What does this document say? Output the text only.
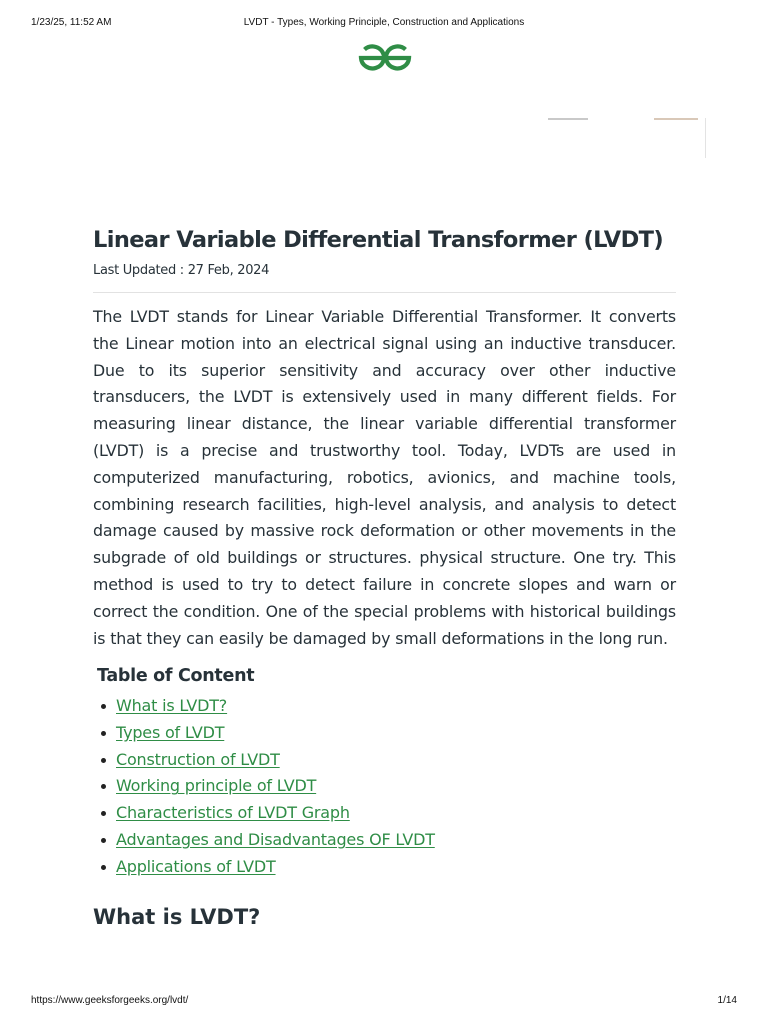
1/23/25, 11:52 AM	LVDT - Types, Working Principle, Construction and Applications
Linear Variable Differential Transformer (LVDT)
Last Updated : 27 Feb, 2024

The LVDT stands for Linear Variable Differential Transformer. It converts the Linear motion into an electrical signal using an inductive transducer. Due to its superior sensitivity and accuracy over other inductive transducers, the LVDT is extensively used in many different fields. For measuring linear distance, the linear variable differential transformer (LVDT) is a precise and trustworthy tool. Today, LVDTs are used in computerized manufacturing, robotics, avionics, and machine tools, combining research facilities, high-level analysis, and analysis to detect damage caused by massive rock deformation or other movements in the subgrade of old buildings or structures. physical structure. One try. This method is used to try to detect failure in concrete slopes and warn or correct the condition. One of the special problems with historical buildings is that they can easily be damaged by small deformations in the long run.

Table of Content
What is LVDT?
Types of LVDT
Construction of LVDT
Working principle of LVDT
Characteristics of LVDT Graph
Advantages and Disadvantages OF LVDT
Applications of LVDT
What is LVDT?
https://www.geeksforgeeks.org/lvdt/	1/14
